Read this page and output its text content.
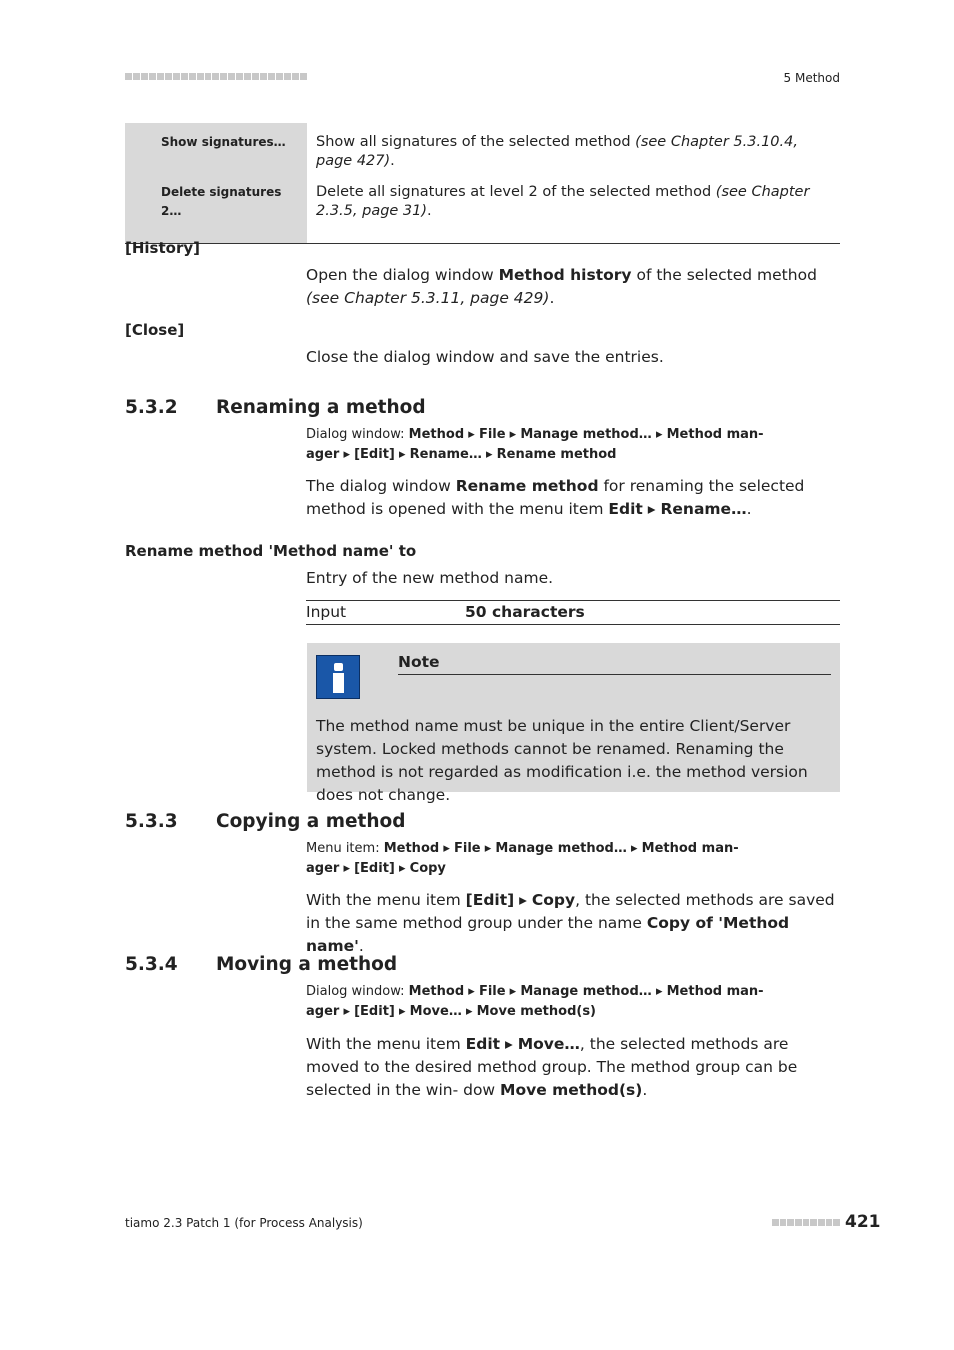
5 Method
Show signatures…	Show all signatures of the selected method (see Chapter 5.3.10.4, page 427).
Delete signatures 2…	Delete all signatures at level 2 of the selected method (see Chapter 2.3.5, page 31).
[History]
Open the dialog window Method history of the selected method (see Chapter 5.3.11, page 429).
[Close]
Close the dialog window and save the entries.
5.3.2 Renaming a method
Dialog window: Method ▸ File ▸ Manage method… ▸ Method man-
ager ▸ [Edit] ▸ Rename… ▸ Rename method
The dialog window Rename method for renaming the selected method is opened with the menu item Edit ▸ Rename….
Rename method 'Method name' to
Entry of the new method name.
Input	50 characters
Note
The method name must be unique in the entire Client/Server system. Locked methods cannot be renamed. Renaming the method is not regarded as modification i.e. the method version does not change.
5.3.3 Copying a method
Menu item: Method ▸ File ▸ Manage method… ▸ Method man-
ager ▸ [Edit] ▸ Copy
With the menu item [Edit] ▸ Copy, the selected methods are saved in the same method group under the name Copy of 'Method name'.
5.3.4 Moving a method
Dialog window: Method ▸ File ▸ Manage method… ▸ Method man-
ager ▸ [Edit] ▸ Move… ▸ Move method(s)
With the menu item Edit ▸ Move…, the selected methods are moved to the desired method group. The method group can be selected in the win- dow Move method(s).
tiamo 2.3 Patch 1 (for Process Analysis)	421
